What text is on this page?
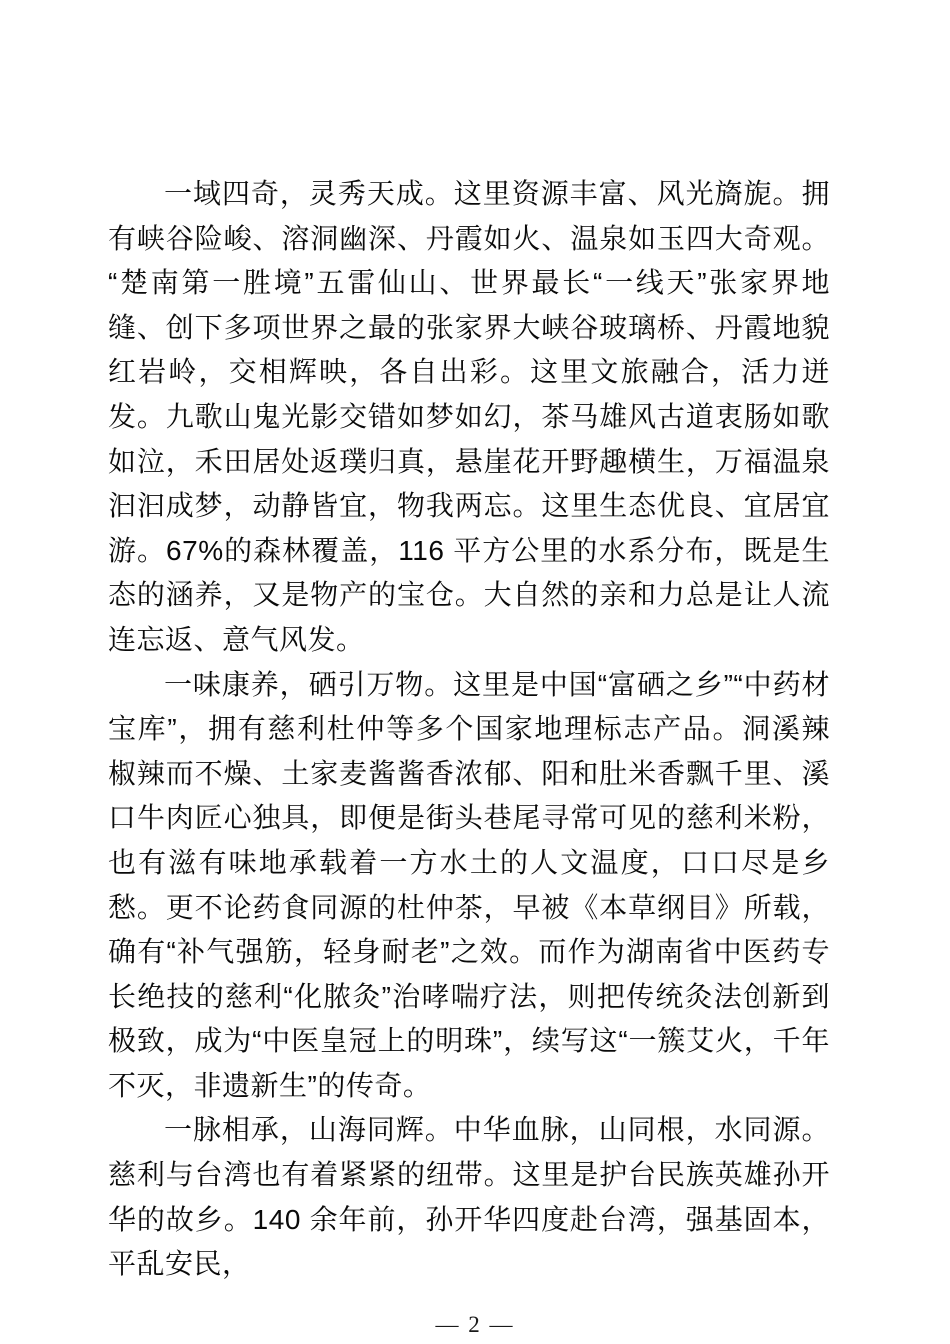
一域四奇，灵秀天成。这里资源丰富、风光旖旎。拥有峡谷险峻、溶洞幽深、丹霞如火、温泉如玉四大奇观。“楚南第一胜境”五雷仙山、世界最长“一线天”张家界地缝、创下多项世界之最的张家界大峡谷玻璃桥、丹霞地貌红岩岭，交相辉映，各自出彩。这里文旅融合，活力迸发。九歌山鬼光影交错如梦如幻，茶马雄风古道衷肠如歌如泣，禾田居处返璞归真，悬崖花开野趣横生，万福温泉汩汩成梦，动静皆宜，物我两忘。这里生态优良、宜居宜游。67%的森林覆盖，116 平方公里的水系分布，既是生态的涵养，又是物产的宝仓。大自然的亲和力总是让人流连忘返、意气风发。

一味康养，硒引万物。这里是中国“富硒之乡”“中药材宝库”，拥有慈利杜仲等多个国家地理标志产品。洞溪辣椒辣而不燥、土家麦酱酱香浓郁、阳和肚米香飘千里、溪口牛肉匠心独具，即便是街头巷尾寻常可见的慈利米粉，也有滋有味地承载着一方水土的人文温度，口口尽是乡愁。更不论药食同源的杜仲茶，早被《本草纲目》所载，确有“补气强筋，轻身耐老”之效。而作为湖南省中医药专长绝技的慈利“化脓灸”治哮喘疗法，则把传统灸法创新到极致，成为“中医皇冠上的明珠”，续写这“一簇艾火，千年不灭，非遗新生”的传奇。

一脉相承，山海同辉。中华血脉，山同根，水同源。慈利与台湾也有着紧紧的纽带。这里是护台民族英雄孙开华的故乡。140 余年前，孙开华四度赴台湾，强基固本，平乱安民，

— 2 —
